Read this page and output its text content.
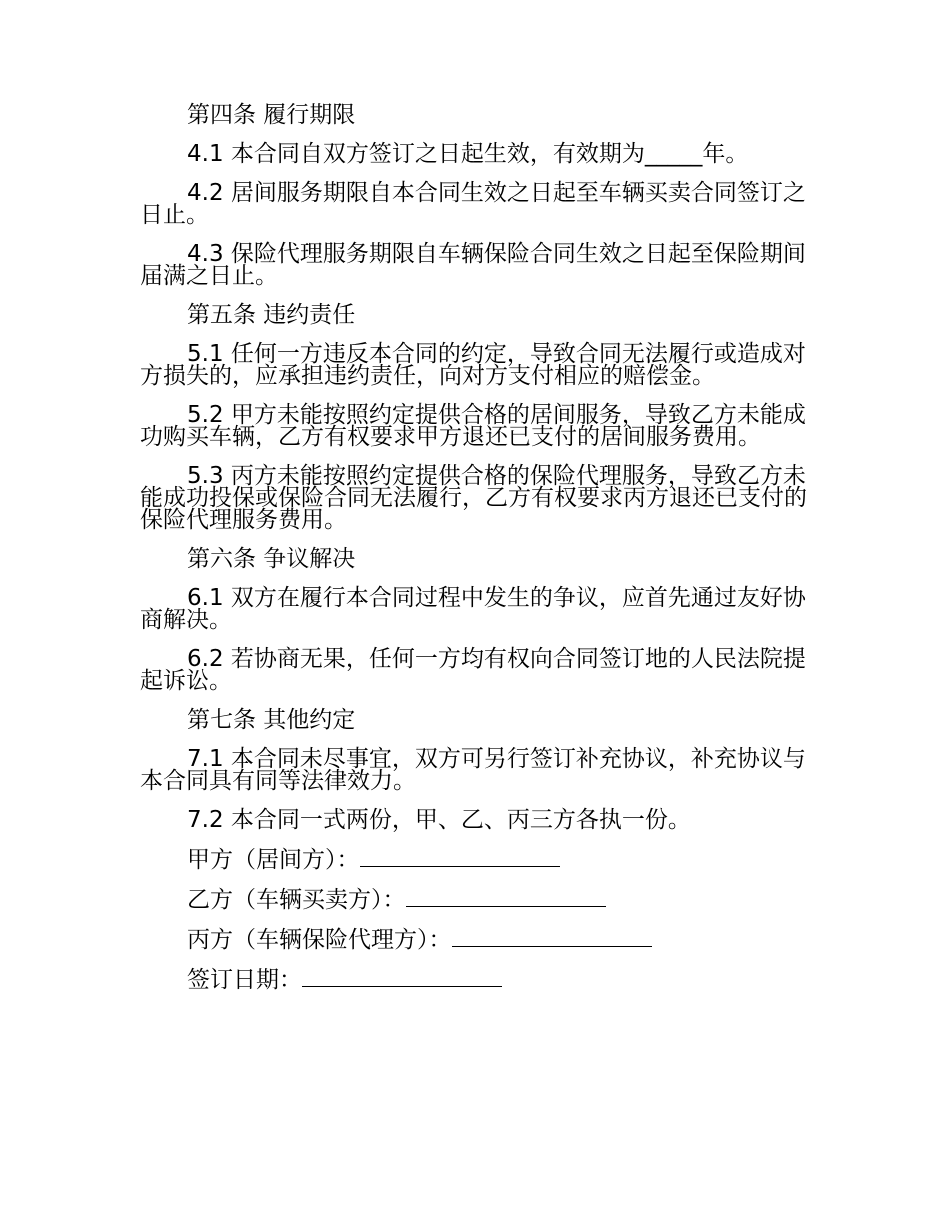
第四条 履行期限

4.1 本合同自双方签订之日起生效，有效期为_____年。

4.2 居间服务期限自本合同生效之日起至车辆买卖合同签订之日止。

4.3 保险代理服务期限自车辆保险合同生效之日起至保险期间届满之日止。

第五条 违约责任

5.1 任何一方违反本合同的约定，导致合同无法履行或造成对方损失的，应承担违约责任，向对方支付相应的赔偿金。

5.2 甲方未能按照约定提供合格的居间服务，导致乙方未能成功购买车辆，乙方有权要求甲方退还已支付的居间服务费用。

5.3 丙方未能按照约定提供合格的保险代理服务，导致乙方未能成功投保或保险合同无法履行，乙方有权要求丙方退还已支付的保险代理服务费用。

第六条 争议解决

6.1 双方在履行本合同过程中发生的争议，应首先通过友好协商解决。

6.2 若协商无果，任何一方均有权向合同签订地的人民法院提起诉讼。

第七条 其他约定

7.1 本合同未尽事宜，双方可另行签订补充协议，补充协议与本合同具有同等法律效力。

7.2 本合同一式两份，甲、乙、丙三方各执一份。

甲方（居间方）：

乙方（车辆买卖方）：

丙方（车辆保险代理方）：

签订日期：
